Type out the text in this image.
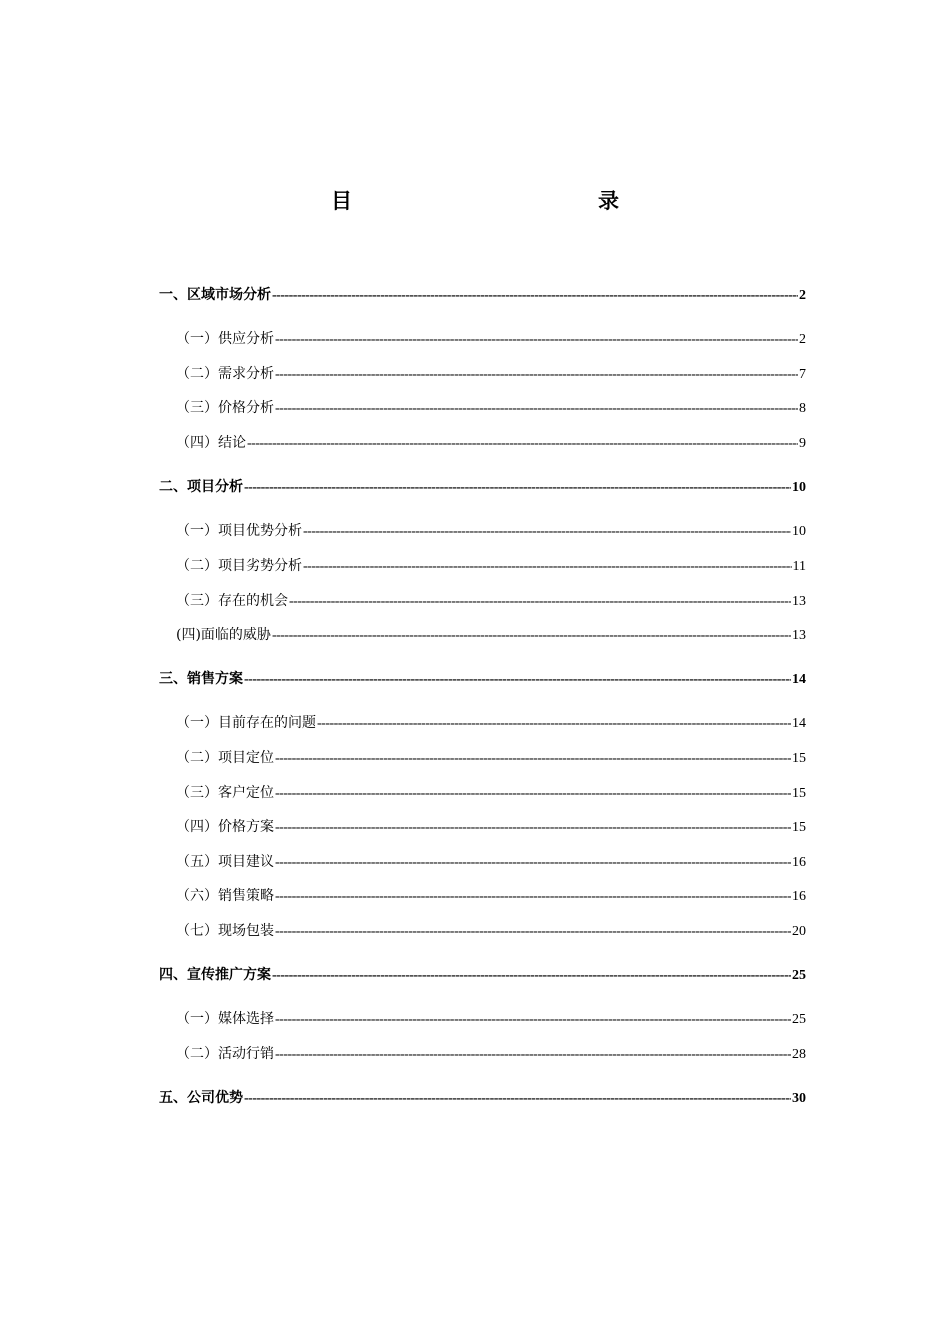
目　　录
一、区域市场分析 -----	2
（一）供应分析 -----	2
（二）需求分析 -----	7
（三）价格分析 -----	8
（四）结论 -----	9
二、项目分析 -----	10
（一）项目优势分析 -----	10
（二）项目劣势分析 -----	11
（三）存在的机会 -----	13
(四)面临的威胁 -----	13
三、销售方案 -----	14
（一）目前存在的问题 -----	14
（二）项目定位 -----	15
（三）客户定位 -----	15
（四）价格方案 -----	15
（五）项目建议 -----	16
（六）销售策略 -----	16
（七）现场包装 -----	20
四、宣传推广方案 -----	25
（一）媒体选择 -----	25
（二）活动行销 -----	28
五、公司优势 -----	30
